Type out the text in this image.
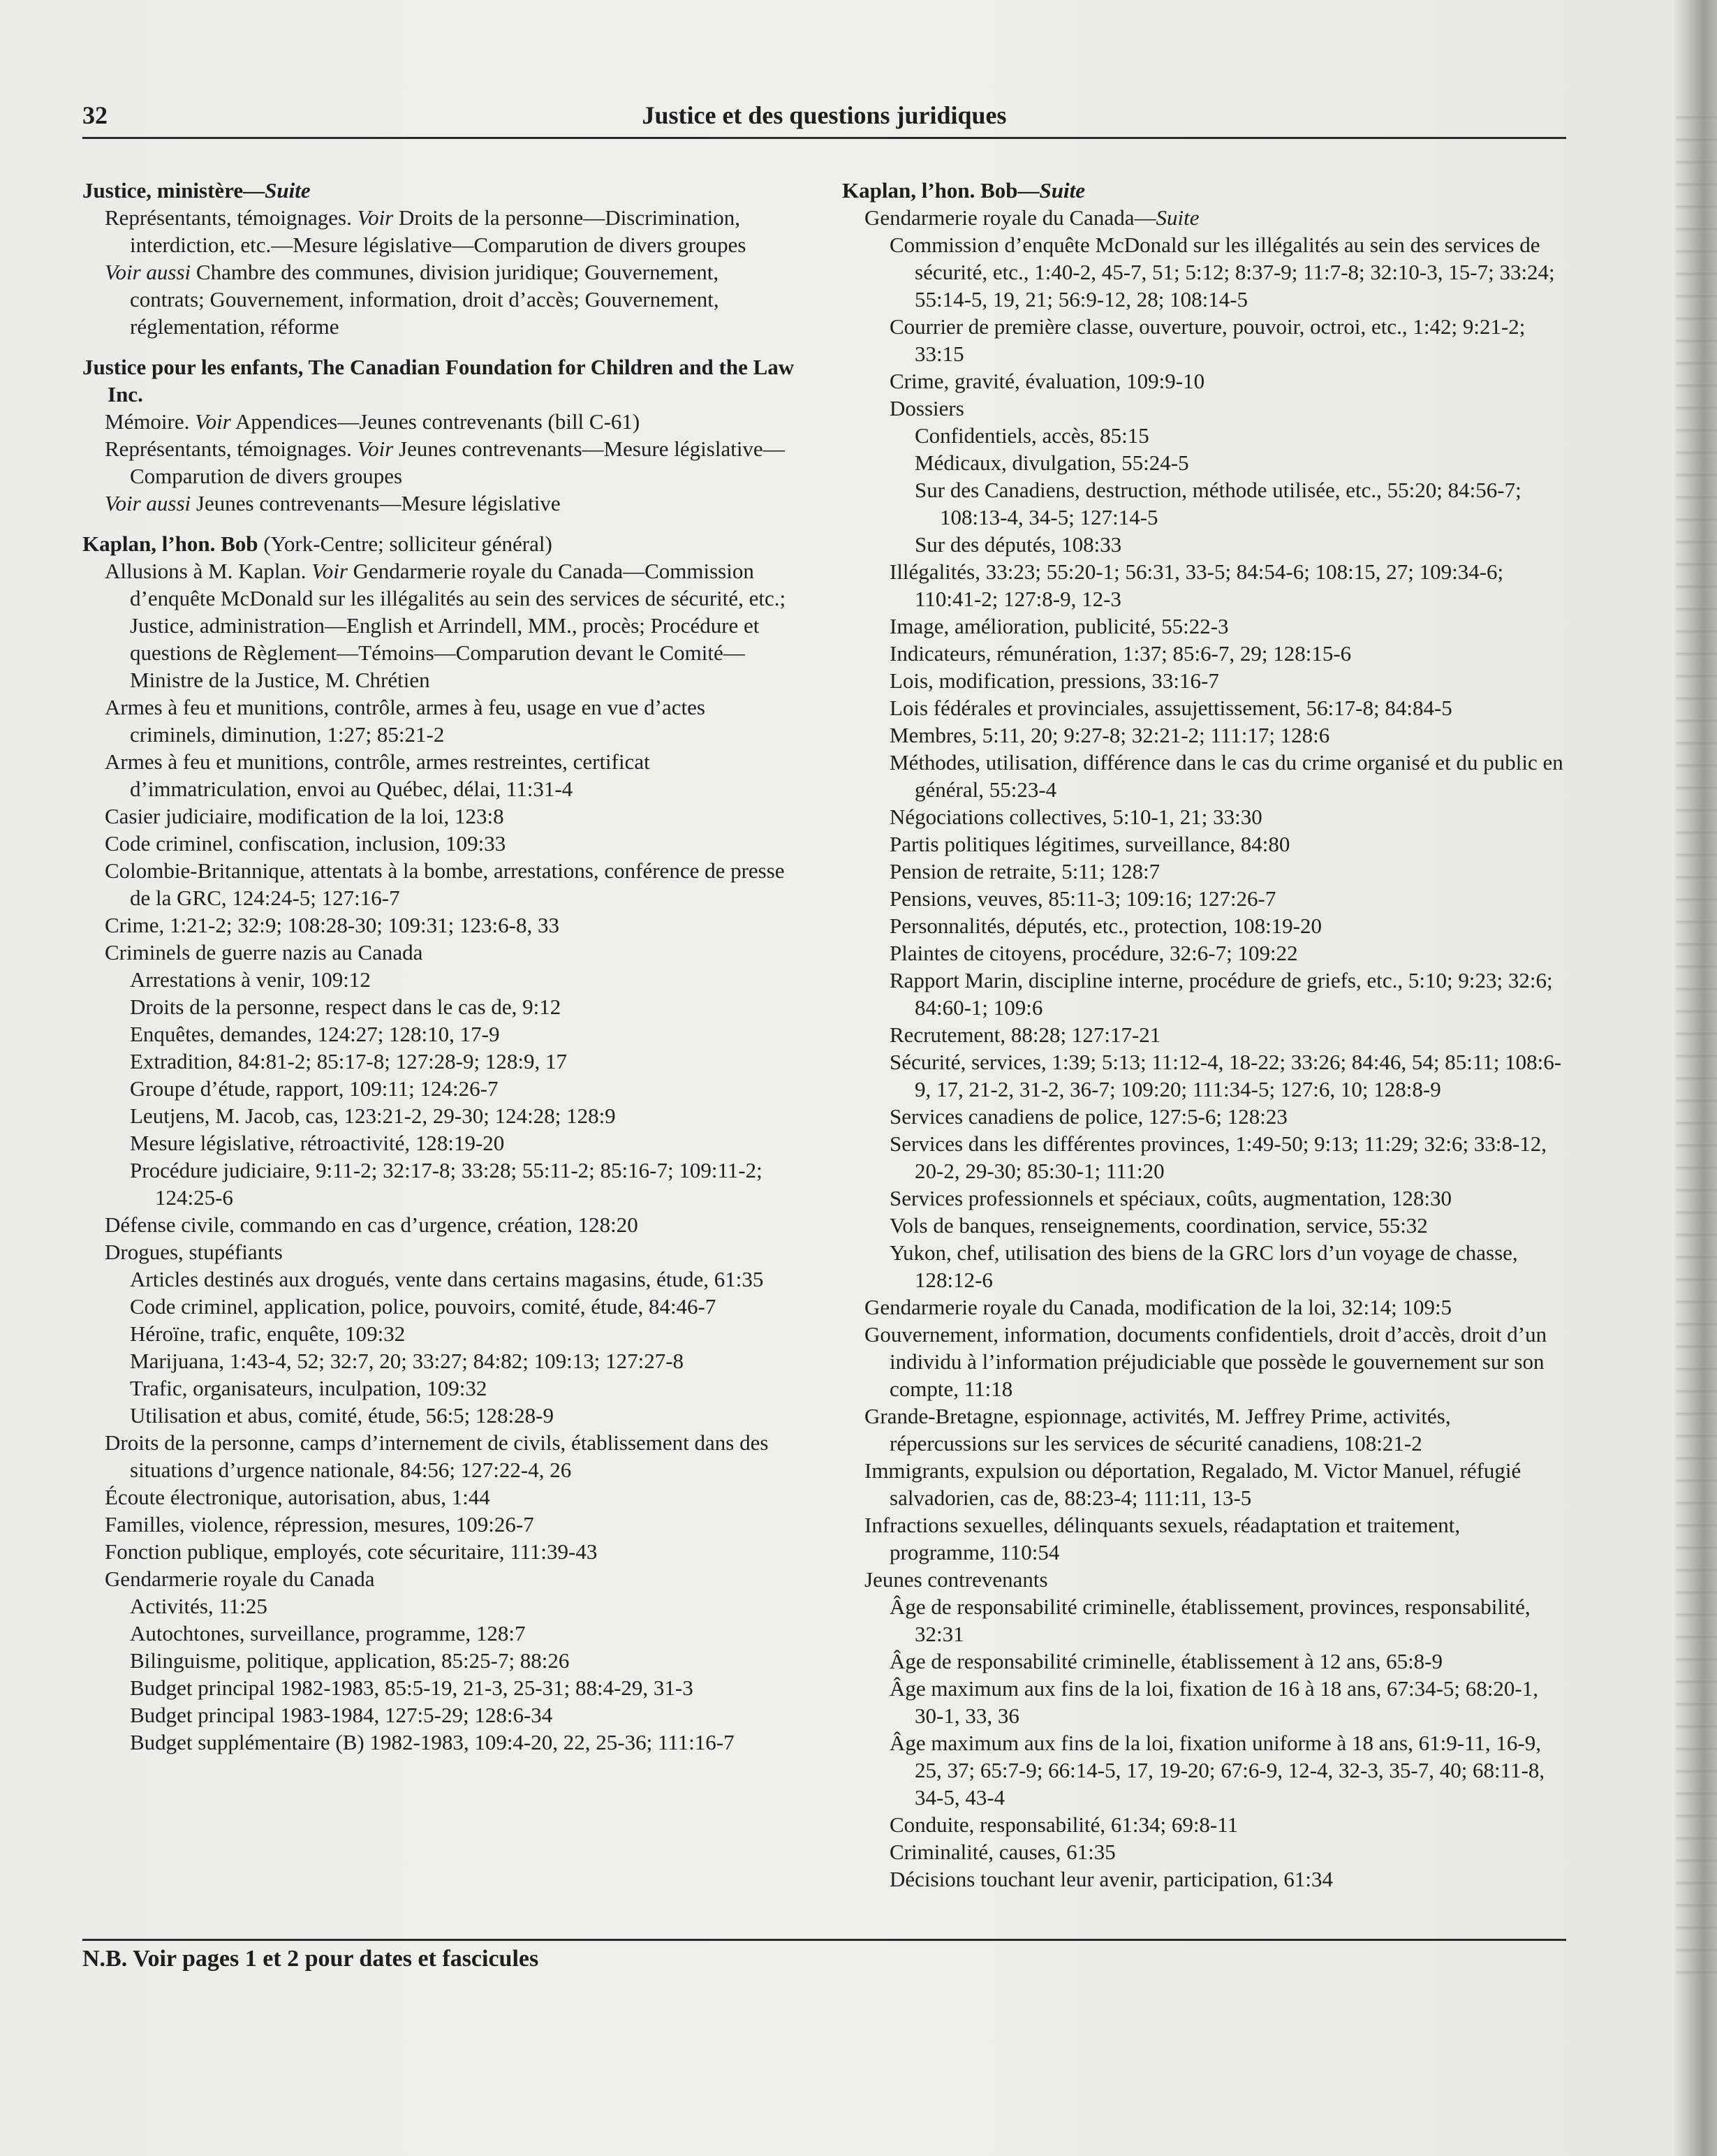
32	Justice et des questions juridiques
Justice, ministère—Suite
Représentants, témoignages. Voir Droits de la personne—Discrimination, interdiction, etc.—Mesure législative—Comparution de divers groupes
Voir aussi Chambre des communes, division juridique; Gouvernement, contrats; Gouvernement, information, droit d’accès; Gouvernement, réglementation, réforme
Justice pour les enfants, The Canadian Foundation for Children and the Law Inc.
Mémoire. Voir Appendices—Jeunes contrevenants (bill C-61)
Représentants, témoignages. Voir Jeunes contrevenants—Mesure législative—Comparution de divers groupes
Voir aussi Jeunes contrevenants—Mesure législative
Kaplan, l’hon. Bob (York-Centre; solliciteur général)
Allusions à M. Kaplan. Voir Gendarmerie royale du Canada—Commission d’enquête McDonald sur les illégalités au sein des services de sécurité, etc.; Justice, administration—English et Arrindell, MM., procès; Procédure et questions de Règlement—Témoins—Comparution devant le Comité—Ministre de la Justice, M. Chrétien
Armes à feu et munitions, contrôle, armes à feu, usage en vue d’actes criminels, diminution, 1:27; 85:21-2
Armes à feu et munitions, contrôle, armes restreintes, certificat d’immatriculation, envoi au Québec, délai, 11:31-4
Casier judiciaire, modification de la loi, 123:8
Code criminel, confiscation, inclusion, 109:33
Colombie-Britannique, attentats à la bombe, arrestations, conférence de presse de la GRC, 124:24-5; 127:16-7
Crime, 1:21-2; 32:9; 108:28-30; 109:31; 123:6-8, 33
Criminels de guerre nazis au Canada
Arrestations à venir, 109:12
Droits de la personne, respect dans le cas de, 9:12
Enquêtes, demandes, 124:27; 128:10, 17-9
Extradition, 84:81-2; 85:17-8; 127:28-9; 128:9, 17
Groupe d’étude, rapport, 109:11; 124:26-7
Leutjens, M. Jacob, cas, 123:21-2, 29-30; 124:28; 128:9
Mesure législative, rétroactivité, 128:19-20
Procédure judiciaire, 9:11-2; 32:17-8; 33:28; 55:11-2; 85:16-7; 109:11-2; 124:25-6
Défense civile, commando en cas d’urgence, création, 128:20
Drogues, stupéfiants
Articles destinés aux drogués, vente dans certains magasins, étude, 61:35
Code criminel, application, police, pouvoirs, comité, étude, 84:46-7
Héroïne, trafic, enquête, 109:32
Marijuana, 1:43-4, 52; 32:7, 20; 33:27; 84:82; 109:13; 127:27-8
Trafic, organisateurs, inculpation, 109:32
Utilisation et abus, comité, étude, 56:5; 128:28-9
Droits de la personne, camps d’internement de civils, établissement dans des situations d’urgence nationale, 84:56; 127:22-4, 26
Écoute électronique, autorisation, abus, 1:44
Familles, violence, répression, mesures, 109:26-7
Fonction publique, employés, cote sécuritaire, 111:39-43
Gendarmerie royale du Canada
Activités, 11:25
Autochtones, surveillance, programme, 128:7
Bilinguisme, politique, application, 85:25-7; 88:26
Budget principal 1982-1983, 85:5-19, 21-3, 25-31; 88:4-29, 31-3
Budget principal 1983-1984, 127:5-29; 128:6-34
Budget supplémentaire (B) 1982-1983, 109:4-20, 22, 25-36; 111:16-7
Kaplan, l’hon. Bob—Suite
Gendarmerie royale du Canada—Suite
Commission d’enquête McDonald sur les illégalités au sein des services de sécurité, etc., 1:40-2, 45-7, 51; 5:12; 8:37-9; 11:7-8; 32:10-3, 15-7; 33:24; 55:14-5, 19, 21; 56:9-12, 28; 108:14-5
Courrier de première classe, ouverture, pouvoir, octroi, etc., 1:42; 9:21-2; 33:15
Crime, gravité, évaluation, 109:9-10
Dossiers
Confidentiels, accès, 85:15
Médicaux, divulgation, 55:24-5
Sur des Canadiens, destruction, méthode utilisée, etc., 55:20; 84:56-7; 108:13-4, 34-5; 127:14-5
Sur des députés, 108:33
Illégalités, 33:23; 55:20-1; 56:31, 33-5; 84:54-6; 108:15, 27; 109:34-6; 110:41-2; 127:8-9, 12-3
Image, amélioration, publicité, 55:22-3
Indicateurs, rémunération, 1:37; 85:6-7, 29; 128:15-6
Lois, modification, pressions, 33:16-7
Lois fédérales et provinciales, assujettissement, 56:17-8; 84:84-5
Membres, 5:11, 20; 9:27-8; 32:21-2; 111:17; 128:6
Méthodes, utilisation, différence dans le cas du crime organisé et du public en général, 55:23-4
Négociations collectives, 5:10-1, 21; 33:30
Partis politiques légitimes, surveillance, 84:80
Pension de retraite, 5:11; 128:7
Pensions, veuves, 85:11-3; 109:16; 127:26-7
Personnalités, députés, etc., protection, 108:19-20
Plaintes de citoyens, procédure, 32:6-7; 109:22
Rapport Marin, discipline interne, procédure de griefs, etc., 5:10; 9:23; 32:6; 84:60-1; 109:6
Recrutement, 88:28; 127:17-21
Sécurité, services, 1:39; 5:13; 11:12-4, 18-22; 33:26; 84:46, 54; 85:11; 108:6-9, 17, 21-2, 31-2, 36-7; 109:20; 111:34-5; 127:6, 10; 128:8-9
Services canadiens de police, 127:5-6; 128:23
Services dans les différentes provinces, 1:49-50; 9:13; 11:29; 32:6; 33:8-12, 20-2, 29-30; 85:30-1; 111:20
Services professionnels et spéciaux, coûts, augmentation, 128:30
Vols de banques, renseignements, coordination, service, 55:32
Yukon, chef, utilisation des biens de la GRC lors d’un voyage de chasse, 128:12-6
Gendarmerie royale du Canada, modification de la loi, 32:14; 109:5
Gouvernement, information, documents confidentiels, droit d’accès, droit d’un individu à l’information préjudiciable que possède le gouvernement sur son compte, 11:18
Grande-Bretagne, espionnage, activités, M. Jeffrey Prime, activités, répercussions sur les services de sécurité canadiens, 108:21-2
Immigrants, expulsion ou déportation, Regalado, M. Victor Manuel, réfugié salvadorien, cas de, 88:23-4; 111:11, 13-5
Infractions sexuelles, délinquants sexuels, réadaptation et traitement, programme, 110:54
Jeunes contrevenants
Âge de responsabilité criminelle, établissement, provinces, responsabilité, 32:31
Âge de responsabilité criminelle, établissement à 12 ans, 65:8-9
Âge maximum aux fins de la loi, fixation de 16 à 18 ans, 67:34-5; 68:20-1, 30-1, 33, 36
Âge maximum aux fins de la loi, fixation uniforme à 18 ans, 61:9-11, 16-9, 25, 37; 65:7-9; 66:14-5, 17, 19-20; 67:6-9, 12-4, 32-3, 35-7, 40; 68:11-8, 34-5, 43-4
Conduite, responsabilité, 61:34; 69:8-11
Criminalité, causes, 61:35
Décisions touchant leur avenir, participation, 61:34
N.B. Voir pages 1 et 2 pour dates et fascicules
